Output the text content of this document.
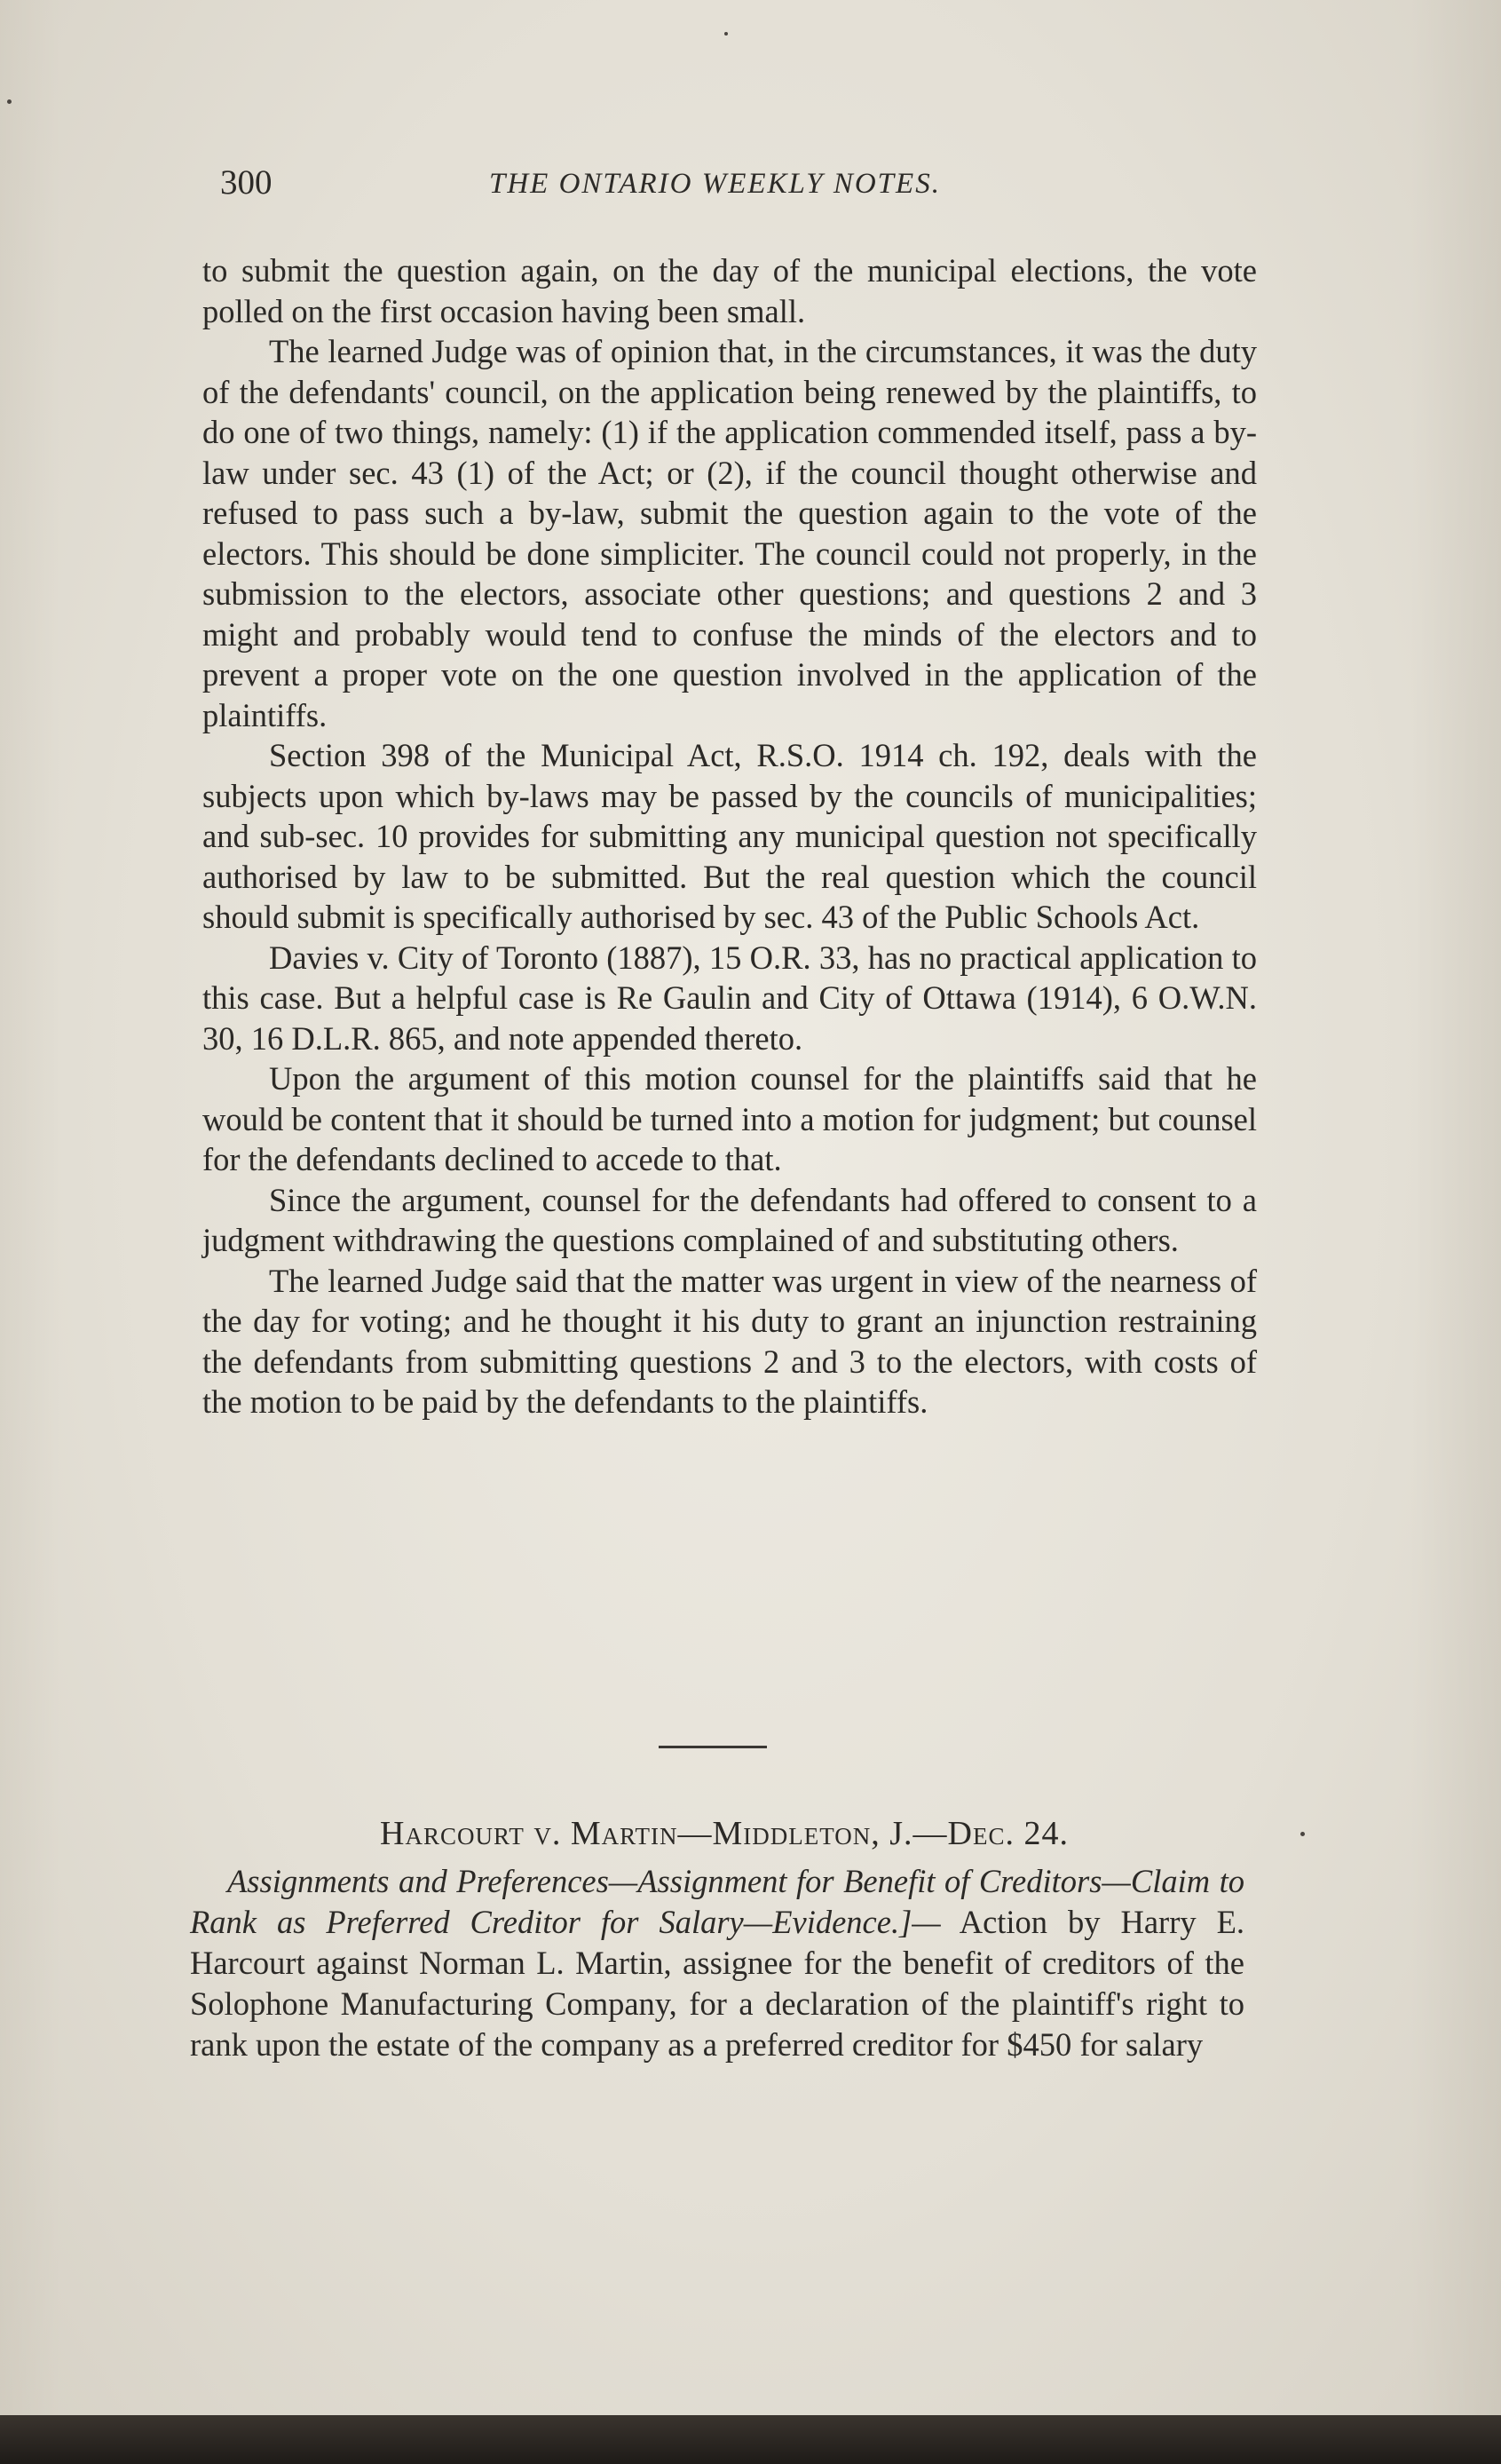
300	THE ONTARIO WEEKLY NOTES.

to submit the question again, on the day of the municipal elections, the vote polled on the first occasion having been small.

The learned Judge was of opinion that, in the circumstances, it was the duty of the defendants' council, on the application being renewed by the plaintiffs, to do one of two things, namely: (1) if the application commended itself, pass a by-law under sec. 43 (1) of the Act; or (2), if the council thought otherwise and refused to pass such a by-law, submit the question again to the vote of the electors. This should be done simpliciter. The council could not properly, in the submission to the electors, associate other questions; and questions 2 and 3 might and probably would tend to confuse the minds of the electors and to prevent a proper vote on the one question involved in the application of the plaintiffs.

Section 398 of the Municipal Act, R.S.O. 1914 ch. 192, deals with the subjects upon which by-laws may be passed by the councils of municipalities; and sub-sec. 10 provides for submitting any municipal question not specifically authorised by law to be submitted. But the real question which the council should submit is specifically authorised by sec. 43 of the Public Schools Act.

Davies v. City of Toronto (1887), 15 O.R. 33, has no practical application to this case. But a helpful case is Re Gaulin and City of Ottawa (1914), 6 O.W.N. 30, 16 D.L.R. 865, and note appended thereto.

Upon the argument of this motion counsel for the plaintiffs said that he would be content that it should be turned into a motion for judgment; but counsel for the defendants declined to accede to that.

Since the argument, counsel for the defendants had offered to consent to a judgment withdrawing the questions complained of and substituting others.

The learned Judge said that the matter was urgent in view of the nearness of the day for voting; and he thought it his duty to grant an injunction restraining the defendants from submitting questions 2 and 3 to the electors, with costs of the motion to be paid by the defendants to the plaintiffs.

Harcourt v. Martin—Middleton, J.—Dec. 24.

Assignments and Preferences—Assignment for Benefit of Creditors—Claim to Rank as Preferred Creditor for Salary—Evidence.]— Action by Harry E. Harcourt against Norman L. Martin, assignee for the benefit of creditors of the Solophone Manufacturing Company, for a declaration of the plaintiff's right to rank upon the estate of the company as a preferred creditor for $450 for salary
